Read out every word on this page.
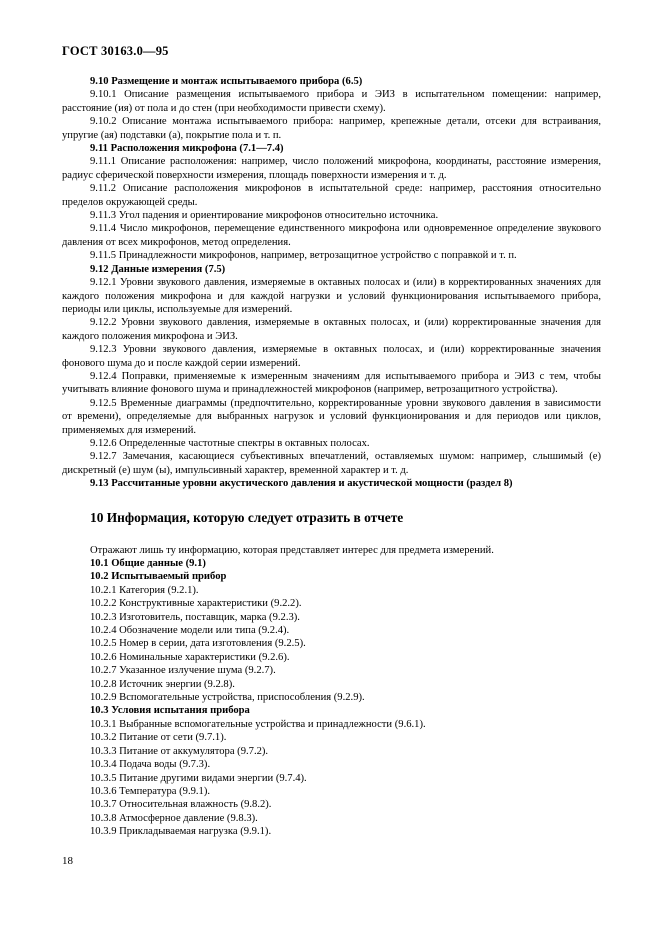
ГОСТ 30163.0—95

9.10 Размещение и монтаж испытываемого прибора (6.5)

9.10.1 Описание размещения испытываемого прибора и ЭИЗ в испытательном помещении: например, расстояние (ия) от пола и до стен (при необходимости привести схему).

9.10.2 Описание монтажа испытываемого прибора: например, крепежные детали, отсеки для встраивания, упругие (ая) подставки (а), покрытие пола и т. п.

9.11 Расположения микрофона (7.1—7.4)

9.11.1 Описание расположения: например, число положений микрофона, координаты, расстояние измерения, радиус сферической поверхности измерения, площадь поверхности измерения и т. д.

9.11.2 Описание расположения микрофонов в испытательной среде: например, расстояния относительно пределов окружающей среды.

9.11.3 Угол падения и ориентирование микрофонов относительно источника.

9.11.4 Число микрофонов, перемещение единственного микрофона или одновременное определение звукового давления от всех микрофонов, метод определения.

9.11.5 Принадлежности микрофонов, например, ветрозащитное устройство с поправкой и т. п.

9.12 Данные измерения (7.5)

9.12.1 Уровни звукового давления, измеряемые в октавных полосах и (или) в корректированных значениях для каждого положения микрофона и для каждой нагрузки и условий функционирования испытываемого прибора, периоды или циклы, используемые для измерений.

9.12.2 Уровни звукового давления, измеряемые в октавных полосах, и (или) корректированные значения для каждого положения микрофона и ЭИЗ.

9.12.3 Уровни звукового давления, измеряемые в октавных полосах, и (или) корректированные значения фонового шума до и после каждой серии измерений.

9.12.4 Поправки, применяемые к измеренным значениям для испытываемого прибора и ЭИЗ с тем, чтобы учитывать влияние фонового шума и принадлежностей микрофонов (например, ветрозащитного устройства).

9.12.5 Временные диаграммы (предпочтительно, корректированные уровни звукового давления в зависимости от времени), определяемые для выбранных нагрузок и условий функционирования и для периодов или циклов, применяемых для измерений.

9.12.6 Определенные частотные спектры в октавных полосах.

9.12.7 Замечания, касающиеся субъективных впечатлений, оставляемых шумом: например, слышимый (е) дискретный (е) шум (ы), импульсивный характер, временной характер и т. д.

9.13 Рассчитанные уровни акустического давления и акустической мощности (раздел 8)

10 Информация, которую следует отразить в отчете

Отражают лишь ту информацию, которая представляет интерес для предмета измерений.

10.1 Общие данные (9.1)

10.2 Испытываемый прибор

10.2.1 Категория (9.2.1).

10.2.2 Конструктивные характеристики (9.2.2).

10.2.3 Изготовитель, поставщик, марка (9.2.3).

10.2.4 Обозначение модели или типа (9.2.4).

10.2.5 Номер в серии, дата изготовления (9.2.5).

10.2.6 Номинальные характеристики (9.2.6).

10.2.7 Указанное излучение шума (9.2.7).

10.2.8 Источник энергии (9.2.8).

10.2.9 Вспомогательные устройства, приспособления (9.2.9).

10.3 Условия испытания прибора

10.3.1 Выбранные вспомогательные устройства и принадлежности (9.6.1).

10.3.2 Питание от сети (9.7.1).

10.3.3 Питание от аккумулятора (9.7.2).

10.3.4 Подача воды (9.7.3).

10.3.5 Питание другими видами энергии (9.7.4).

10.3.6 Температура (9.9.1).

10.3.7 Относительная влажность (9.8.2).

10.3.8 Атмосферное давление (9.8.3).

10.3.9 Прикладываемая нагрузка (9.9.1).

18
